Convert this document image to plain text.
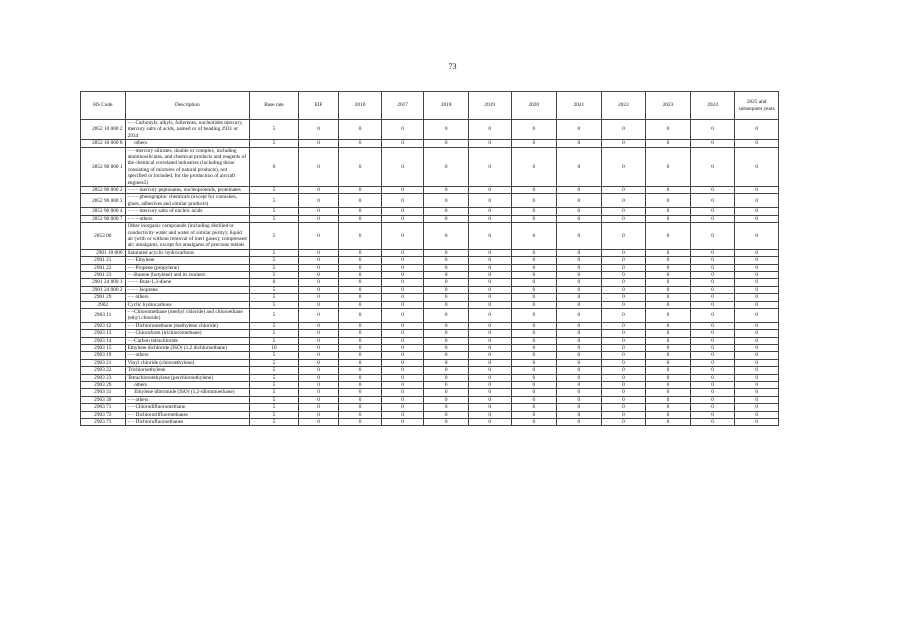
73
HS Code	Description	Base rate	EIF	2016	2017	2018	2019	2020	2021	2022	2023	2024	2025 and subsequent years
2852 10 000 2	– – Carbonyls, alkyls, fullerenes, nucleotides mercury, mercury salts of acids, named or of heading 2931 or 2934	5	0	0	0	0	0	0	0	0	0	0	0
2852 10 000 8	others	5	0	0	0	0	0	0	0	0	0	0	0
2852 90 000 1	– – mercury silicates, double or complex, including aluminosilicates, and chemical products and reagents of the chemical correlated industries (including those consisting of mixtures of natural products), not specified or included, for the production of aircraft engines5)	0	0	0	0	0	0	0	0	0	0	0	0
2852 90 000 2	– – – mercury peptonates, nucleoproteids, proteinates	5	0	0	0	0	0	0	0	0	0	0	0
2852 90 000 3	– – – photographic chemicals (except for varnishes, glues, adhesives and similar products)	5	0	0	0	0	0	0	0	0	0	0	0
2852 90 000 4	– – – mercury salts of nucleic acids	5	0	0	0	0	0	0	0	0	0	0	0
2852 90 000 7	– – – others	5	0	0	0	0	0	0	0	0	0	0	0
2853 00	Other inorganic compounds (including distilled or conductivity water and water of similar purity); liquid air (with or without removal of inert gases); compressed air; amalgams, except for amalgams of precious metals	5	0	0	0	0	0	0	0	0	0	0	0
2901 10 000	Saturated acyclic hydrocarbons	5	0	0	0	0	0	0	0	0	0	0	0
2901 21	– – Ethylene	5	0	0	0	0	0	0	0	0	0	0	0
2901 22	– – Propene (propylene)	5	0	0	0	0	0	0	0	0	0	0	0
2901 23	– –Butene (butylene) and its isomers	5	0	0	0	0	0	0	0	0	0	0	0
2901 24 000 1	– – – Buta-1,3-diene	0	0	0	0	0	0	0	0	0	0	0	0
2901 24 000 2	– – – Isoprene	5	0	0	0	0	0	0	0	0	0	0	0
2901 29	– – others	5	0	0	0	0	0	0	0	0	0	0	0
2902	Cyclic hydrocarbons	5	0	0	0	0	0	0	0	0	0	0	0
2903 11	– –Chloromethane (methyl chloride) and chloroethane (ethyl chloride)	5	0	0	0	0	0	0	0	0	0	0	0
2903 12	– – Dichloromethane (methylene chloride)	5	0	0	0	0	0	0	0	0	0	0	0
2903 13	– – Chloroform (trichloromethane)	5	0	0	0	0	0	0	0	0	0	0	0
2903 14	– –Carbon tetrachloride	5	0	0	0	0	0	0	0	0	0	0	0
2903 15	Ethylene dichloride (ISO) (1,2 dichloroethane)	10	0	0	0	0	0	0	0	0	0	0	0
2903 19	– – others	5	0	0	0	0	0	0	0	0	0	0	0
2903 21	Vinyl chloride (chloroethylene)	5	0	0	0	0	0	0	0	0	0	0	0
2903 22	Trichloroethylene	5	0	0	0	0	0	0	0	0	0	0	0
2903 23	Tetrachloroethylene (perchloroethylene)	5	0	0	0	0	0	0	0	0	0	0	0
2903 29	others	5	0	0	0	0	0	0	0	0	0	0	0
2903 31	Ethylene dibromide (ISO) (1,2-dibromoethane)	5	0	0	0	0	0	0	0	0	0	0	0
2903 39	– – others	5	0	0	0	0	0	0	0	0	0	0	0
2903 71	– – Chlorodifluoromethane	5	0	0	0	0	0	0	0	0	0	0	0
2903 72	– – Dichlorotrifluoroethanes	5	0	0	0	0	0	0	0	0	0	0	0
2903 73	– – Dichlorofluoroethanes	5	0	0	0	0	0	0	0	0	0	0	0
